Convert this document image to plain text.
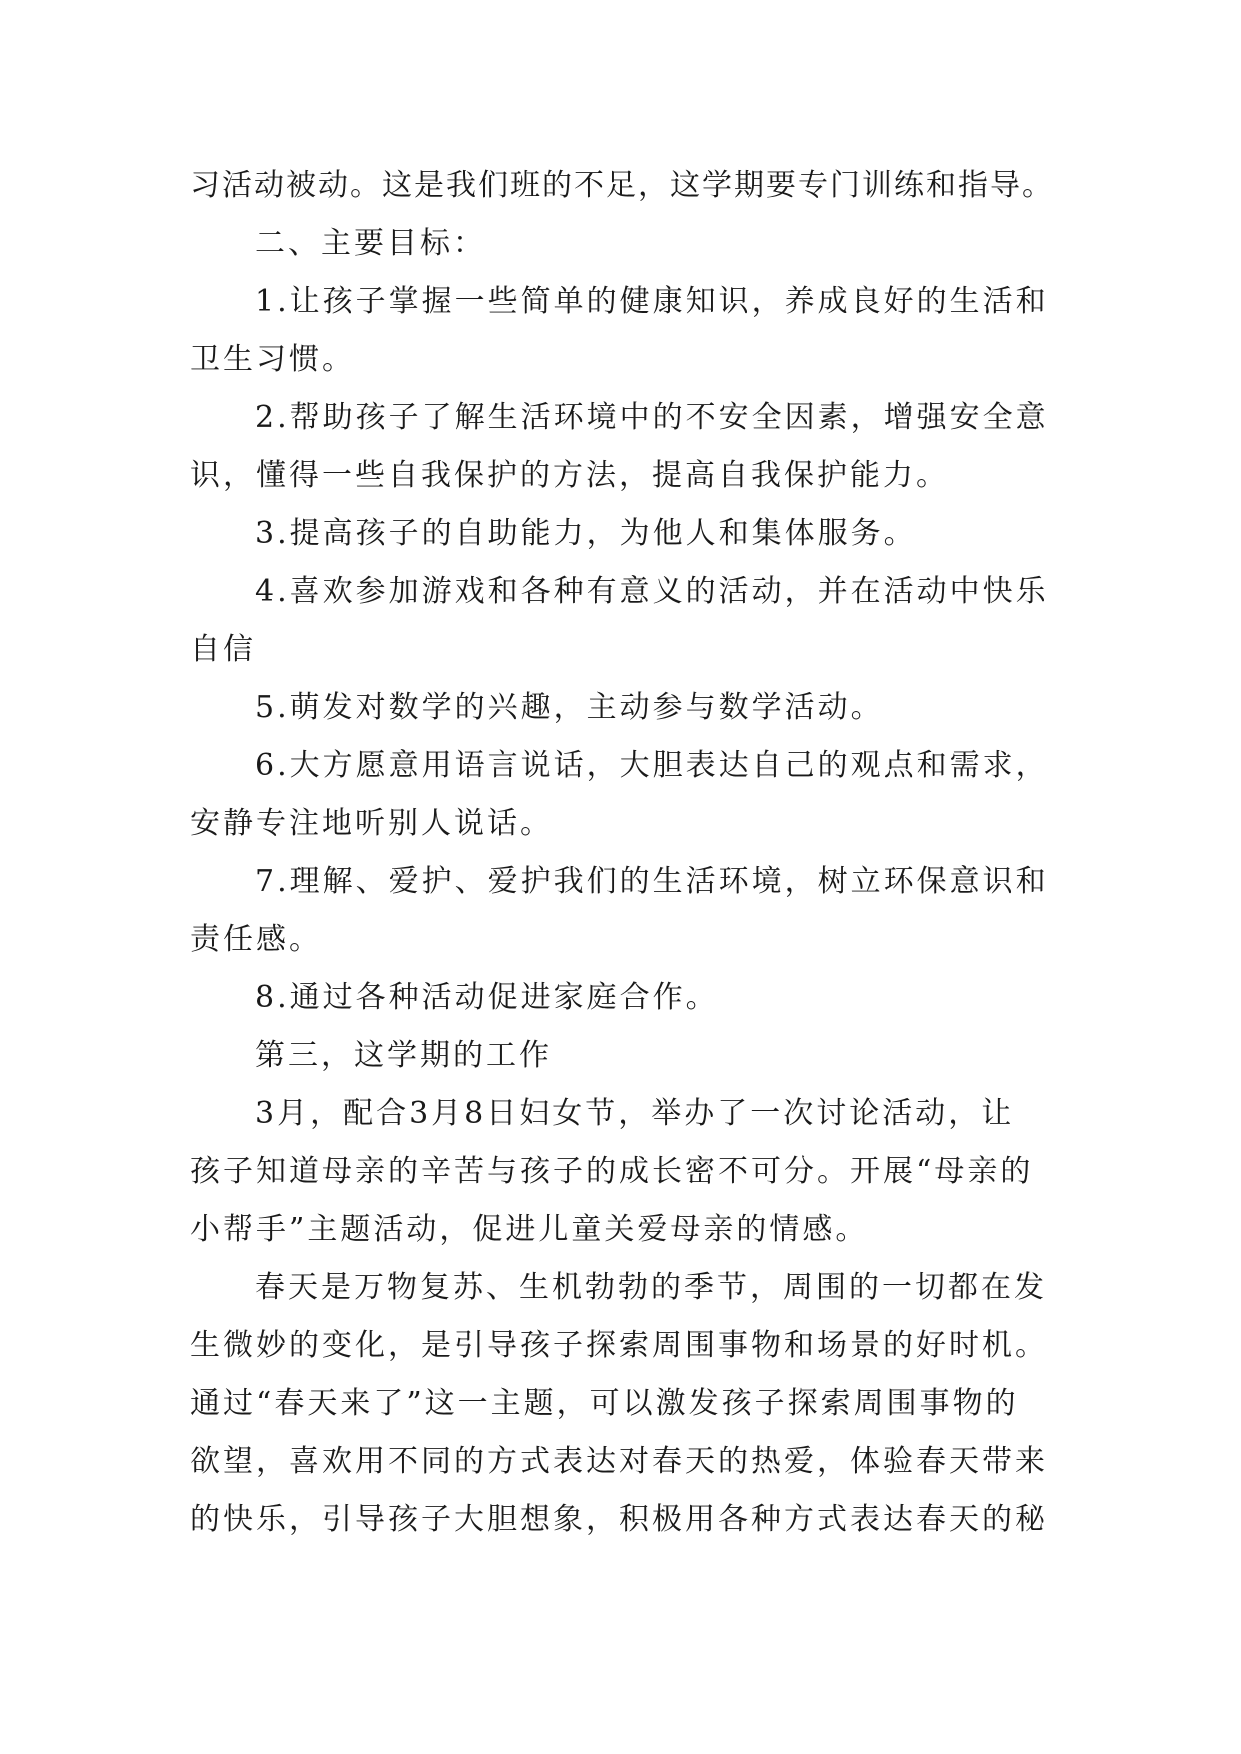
习活动被动。这是我们班的不足，这学期要专门训练和指导。
二、主要目标：
1.让孩子掌握一些简单的健康知识，养成良好的生活和
卫生习惯。
2.帮助孩子了解生活环境中的不安全因素，增强安全意
识，懂得一些自我保护的方法，提高自我保护能力。
3.提高孩子的自助能力，为他人和集体服务。
4.喜欢参加游戏和各种有意义的活动，并在活动中快乐
自信
5.萌发对数学的兴趣，主动参与数学活动。
6.大方愿意用语言说话，大胆表达自己的观点和需求，
安静专注地听别人说话。
7.理解、爱护、爱护我们的生活环境，树立环保意识和
责任感。
8.通过各种活动促进家庭合作。
第三，这学期的工作
3月，配合3月8日妇女节，举办了一次讨论活动，让
孩子知道母亲的辛苦与孩子的成长密不可分。开展“母亲的
小帮手”主题活动，促进儿童关爱母亲的情感。
春天是万物复苏、生机勃勃的季节，周围的一切都在发
生微妙的变化，是引导孩子探索周围事物和场景的好时机。
通过“春天来了”这一主题，可以激发孩子探索周围事物的
欲望，喜欢用不同的方式表达对春天的热爱，体验春天带来
的快乐，引导孩子大胆想象，积极用各种方式表达春天的秘
